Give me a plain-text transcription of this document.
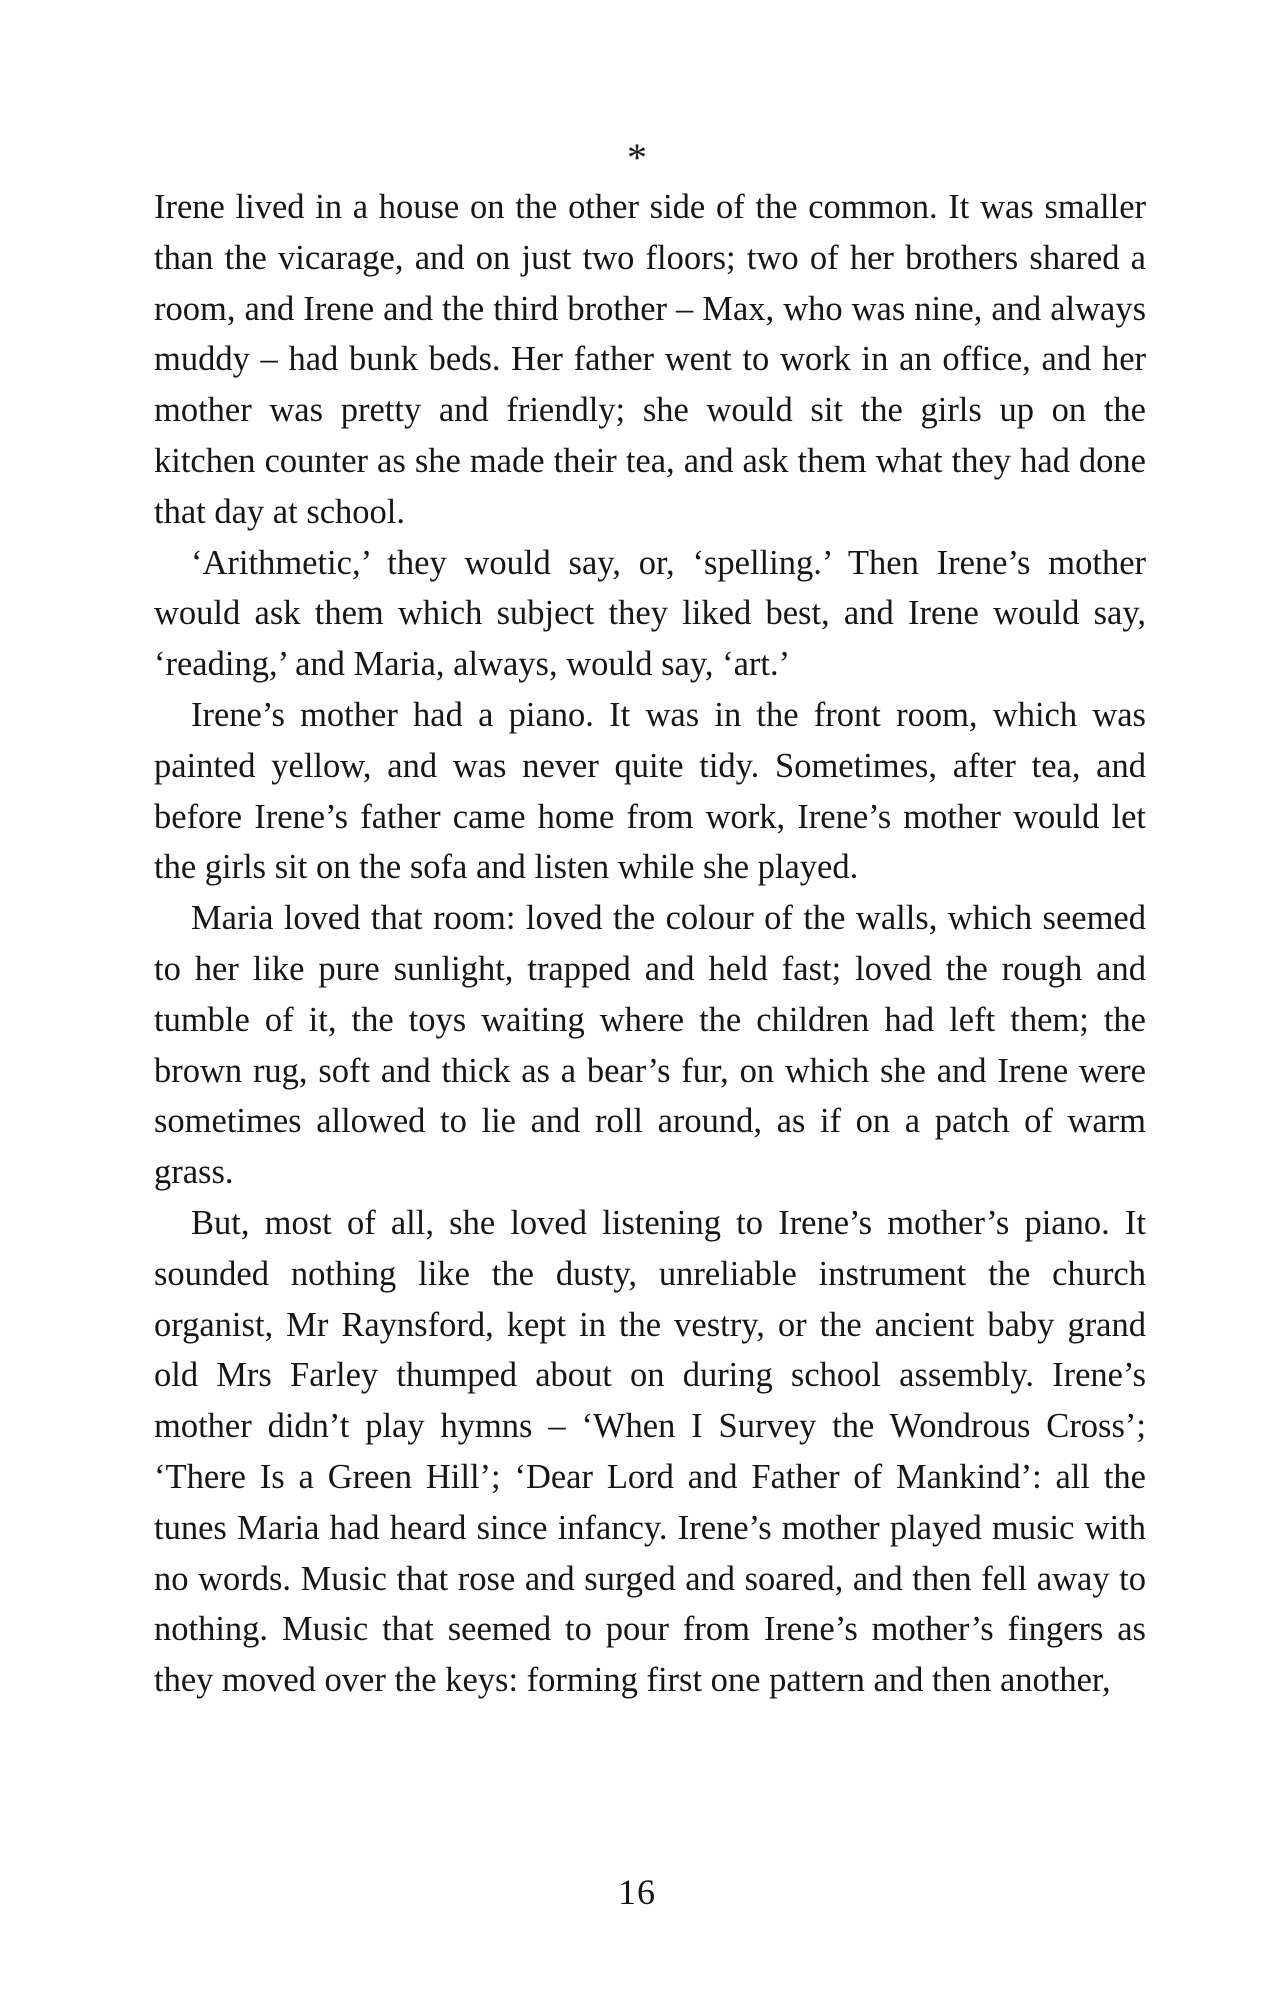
*

Irene lived in a house on the other side of the common. It was smaller than the vicarage, and on just two floors; two of her brothers shared a room, and Irene and the third brother – Max, who was nine, and always muddy – had bunk beds. Her father went to work in an office, and her mother was pretty and friendly; she would sit the girls up on the kitchen counter as she made their tea, and ask them what they had done that day at school.

‘Arithmetic,’ they would say, or, ‘spelling.’ Then Irene’s mother would ask them which subject they liked best, and Irene would say, ‘reading,’ and Maria, always, would say, ‘art.’

Irene’s mother had a piano. It was in the front room, which was painted yellow, and was never quite tidy. Sometimes, after tea, and before Irene’s father came home from work, Irene’s mother would let the girls sit on the sofa and listen while she played.

Maria loved that room: loved the colour of the walls, which seemed to her like pure sunlight, trapped and held fast; loved the rough and tumble of it, the toys waiting where the children had left them; the brown rug, soft and thick as a bear’s fur, on which she and Irene were sometimes allowed to lie and roll around, as if on a patch of warm grass.

But, most of all, she loved listening to Irene’s mother’s piano. It sounded nothing like the dusty, unreliable instrument the church organist, Mr Raynsford, kept in the vestry, or the ancient baby grand old Mrs Farley thumped about on during school assembly. Irene’s mother didn’t play hymns – ‘When I Survey the Wondrous Cross’; ‘There Is a Green Hill’; ‘Dear Lord and Father of Mankind’: all the tunes Maria had heard since infancy. Irene’s mother played music with no words. Music that rose and surged and soared, and then fell away to nothing. Music that seemed to pour from Irene’s mother’s fingers as they moved over the keys: forming first one pattern and then another,

16
